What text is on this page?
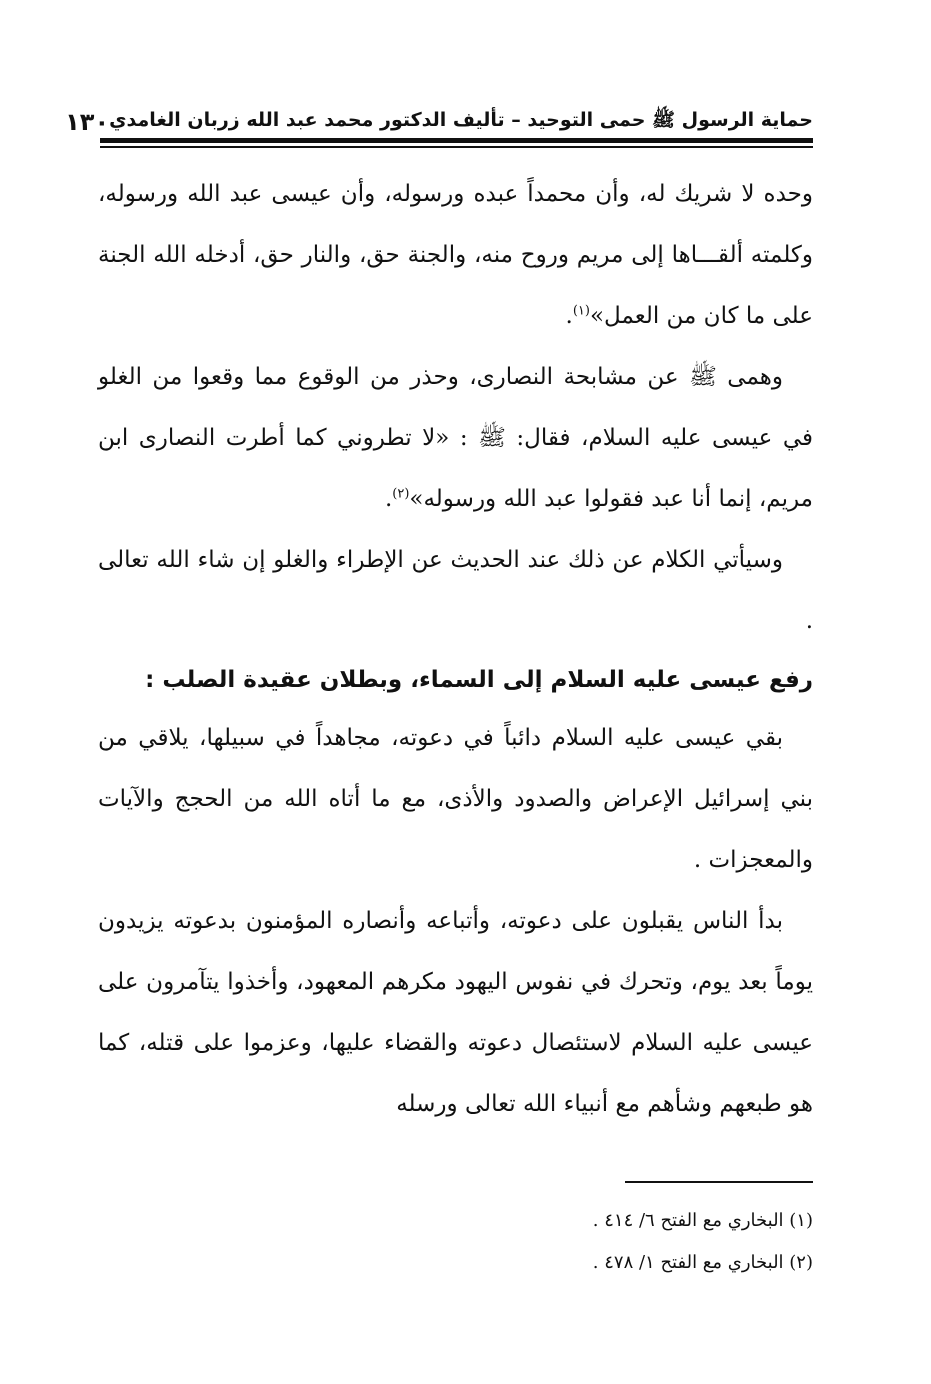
حماية الرسول ﷺ حمى التوحيد – تأليف الدكتور محمد عبد الله زربان الغامدي
١٣٠

وحده لا شريك له، وأن محمداً عبده ورسوله، وأن عيسى عبد الله ورسوله، وكلمته ألقـــاها إلى مريم وروح منه، والجنة حق، والنار حق، أدخله الله الجنة على ما كان من العمل»$^{(١)}$.

وهمى ﷺ عن مشابحة النصارى، وحذر من الوقوع مما وقعوا من الغلو في عيسى عليه السلام، فقال: ﷺ : «لا تطروني كما أطرت النصارى ابن مريم، إنما أنا عبد فقولوا عبد الله ورسوله»$^{(٢)}$.

وسيأتي الكلام عن ذلك عند الحديث عن الإطراء والغلو إن شاء الله تعالى .

رفع عيسى عليه السلام إلى السماء، وبطلان عقيدة الصلب :

بقي عيسى عليه السلام دائباً في دعوته، مجاهداً في سبيلها، يلاقي من بني إسرائيل الإعراض والصدود والأذى، مع ما أتاه الله من الحجج والآيات والمعجزات .

بدأ الناس يقبلون على دعوته، وأتباعه وأنصاره المؤمنون بدعوته يزيدون يوماً بعد يوم، وتحرك في نفوس اليهود مكرهم المعهود، وأخذوا يتآمرون على عيسى عليه السلام لاستئصال دعوته والقضاء عليها، وعزموا على قتله، كما هو طبعهم وشأهم مع أنبياء الله تعالى ورسله

(١) البخاري مع الفتح ٦/ ٤١٤ .

(٢) البخاري مع الفتح ١/ ٤٧٨ .
